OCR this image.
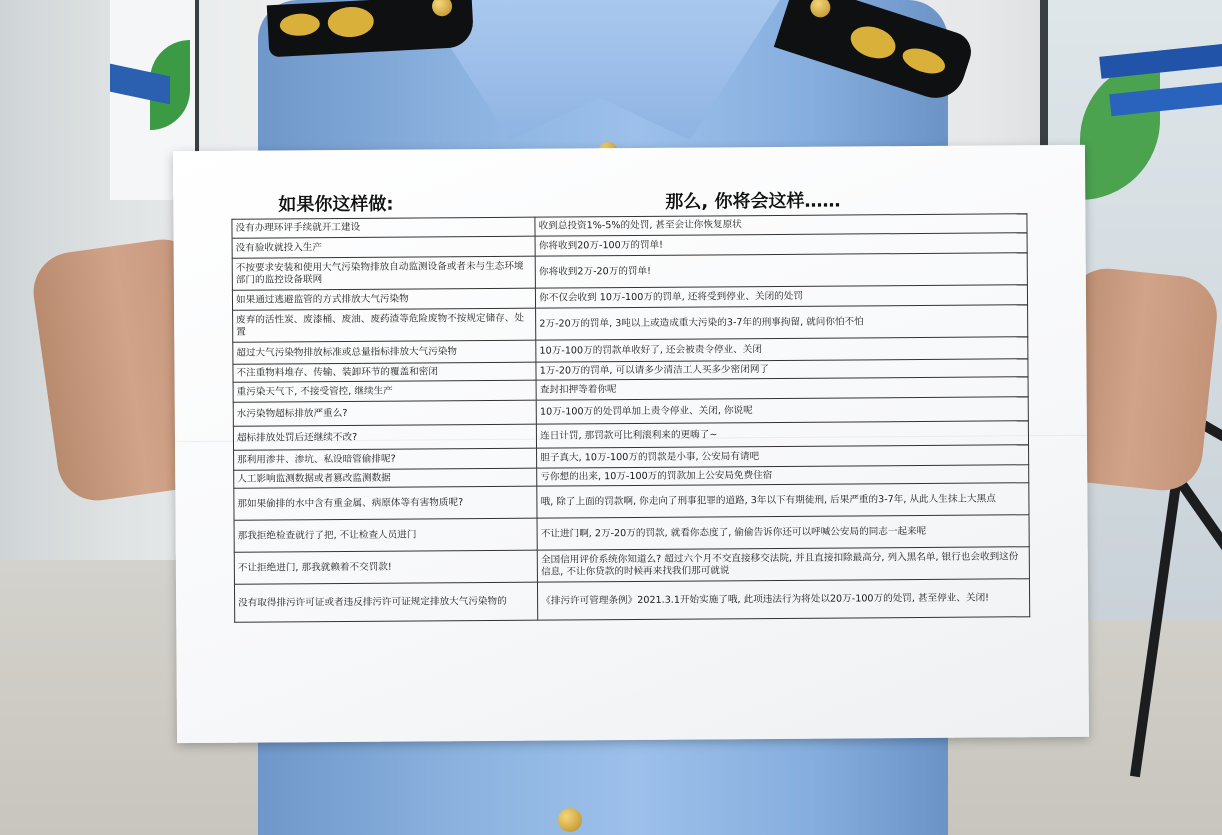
如果你这样做:	那么, 你将会这样……
没有办理环评手续就开工建设	收到总投资1%-5%的处罚, 甚至会让你恢复原状
没有验收就投入生产	你将收到20万-100万的罚单!
不按要求安装和使用大气污染物排放自动监测设备或者未与生态环境部门的监控设备联网	你将收到2万-20万的罚单!
如果通过逃避监管的方式排放大气污染物	你不仅会收到 10万-100万的罚单, 还将受到停业、关闭的处罚
废弃的活性炭、废漆桶、废油、废药渣等危险废物不按规定储存、处置	2万-20万的罚单, 3吨以上或造成重大污染的3-7年的刑事拘留, 就问你怕不怕
超过大气污染物排放标准或总量指标排放大气污染物	10万-100万的罚款单收好了, 还会被责令停业、关闭
不注重物料堆存、传输、装卸环节的覆盖和密闭	1万-20万的罚单, 可以请多少清洁工人买多少密闭网了
重污染天气下, 不接受管控, 继续生产	查封扣押等着你呢
水污染物超标排放严重么?	10万-100万的处罚单加上责令停业、关闭, 你说呢
超标排放处罚后还继续不改?	连日计罚, 那罚款可比利滚利来的更嗨了~
那利用渗井、渗坑、私设暗管偷排呢?	胆子真大, 10万-100万的罚款是小事, 公安局有请吧
人工影响监测数据或者篡改监测数据	亏你想的出来, 10万-100万的罚款加上公安局免费住宿
那如果偷排的水中含有重金属、病原体等有害物质呢?	哦, 除了上面的罚款啊, 你走向了刑事犯罪的道路, 3年以下有期徒刑, 后果严重的3-7年, 从此人生抹上大黑点
那我拒绝检查就行了把, 不让检查人员进门	不让进门啊, 2万-20万的罚款, 就看你态度了, 偷偷告诉你还可以呼喊公安局的同志一起来呢
不让拒绝进门, 那我就赖着不交罚款!	全国信用评价系统你知道么? 超过六个月不交直接移交法院, 并且直接扣除最高分, 列入黑名单, 银行也会收到这份信息, 不让你贷款的时候再来找我们那可就说
没有取得排污许可证或者违反排污许可证规定排放大气污染物的	《排污许可管理条例》2021.3.1开始实施了哦, 此项违法行为将处以20万-100万的处罚, 甚至停业、关闭!
